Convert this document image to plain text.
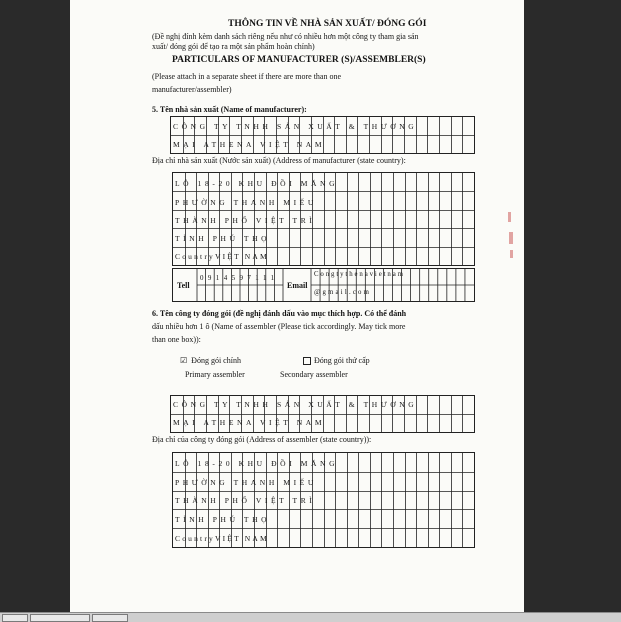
THÔNG TIN VỀ NHÀ SẢN XUẤT/ ĐÓNG GÓI
(Đề nghị đính kèm danh sách riêng nếu như có nhiều hơn một công ty tham gia sản
xuất/ đóng gói để tạo ra một sản phẩm hoàn chỉnh)
PARTICULARS OF MANUFACTURER (S)/ASSEMBLER(S)
(Please attach in a separate sheet if there are more than one
manufacturer/assembler)
5. Tên nhà sản xuất (Name of manufacturer):
CÔNG TY TNHH SẢN XUẤT & THƯƠNG
MẠI ATHENA VIỆT NAM
Địa chỉ nhà sản xuất (Nước sản xuất) (Address of manufacturer (state country):
LÔ 18-20 KHU ĐỒI MĂNG
PHƯỜNG THANH MIẾU
THÀNH PHỐ VIỆT TRÌ
TỈNH PHÚ THỌ
CountryVIỆT NAM
Tell
0914597111
Email
Congtythenavietnam
@gmail.com
6. Tên công ty đóng gói (đề nghị đánh dấu vào mục thích hợp. Có thể đánh
dấu nhiều hơn 1 ô (Name of assembler (Please tick accordingly. May tick more
than one box)):
☑ Đóng gói chính
Primary assembler
Đóng gói thứ cấp
Secondary assembler
CÔNG TY TNHH SẢN XUẤT & THƯƠNG
MẠI ATHENA VIỆT NAM
Địa chỉ của công ty đóng gói (Address of assembler (state country)):
LÔ 18-20 KHU ĐỒI MĂNG
PHƯỜNG THANH MIẾU
THÀNH PHỐ VIỆT TRÌ
TỈNH PHÚ THỌ
CountryVIỆT NAM
